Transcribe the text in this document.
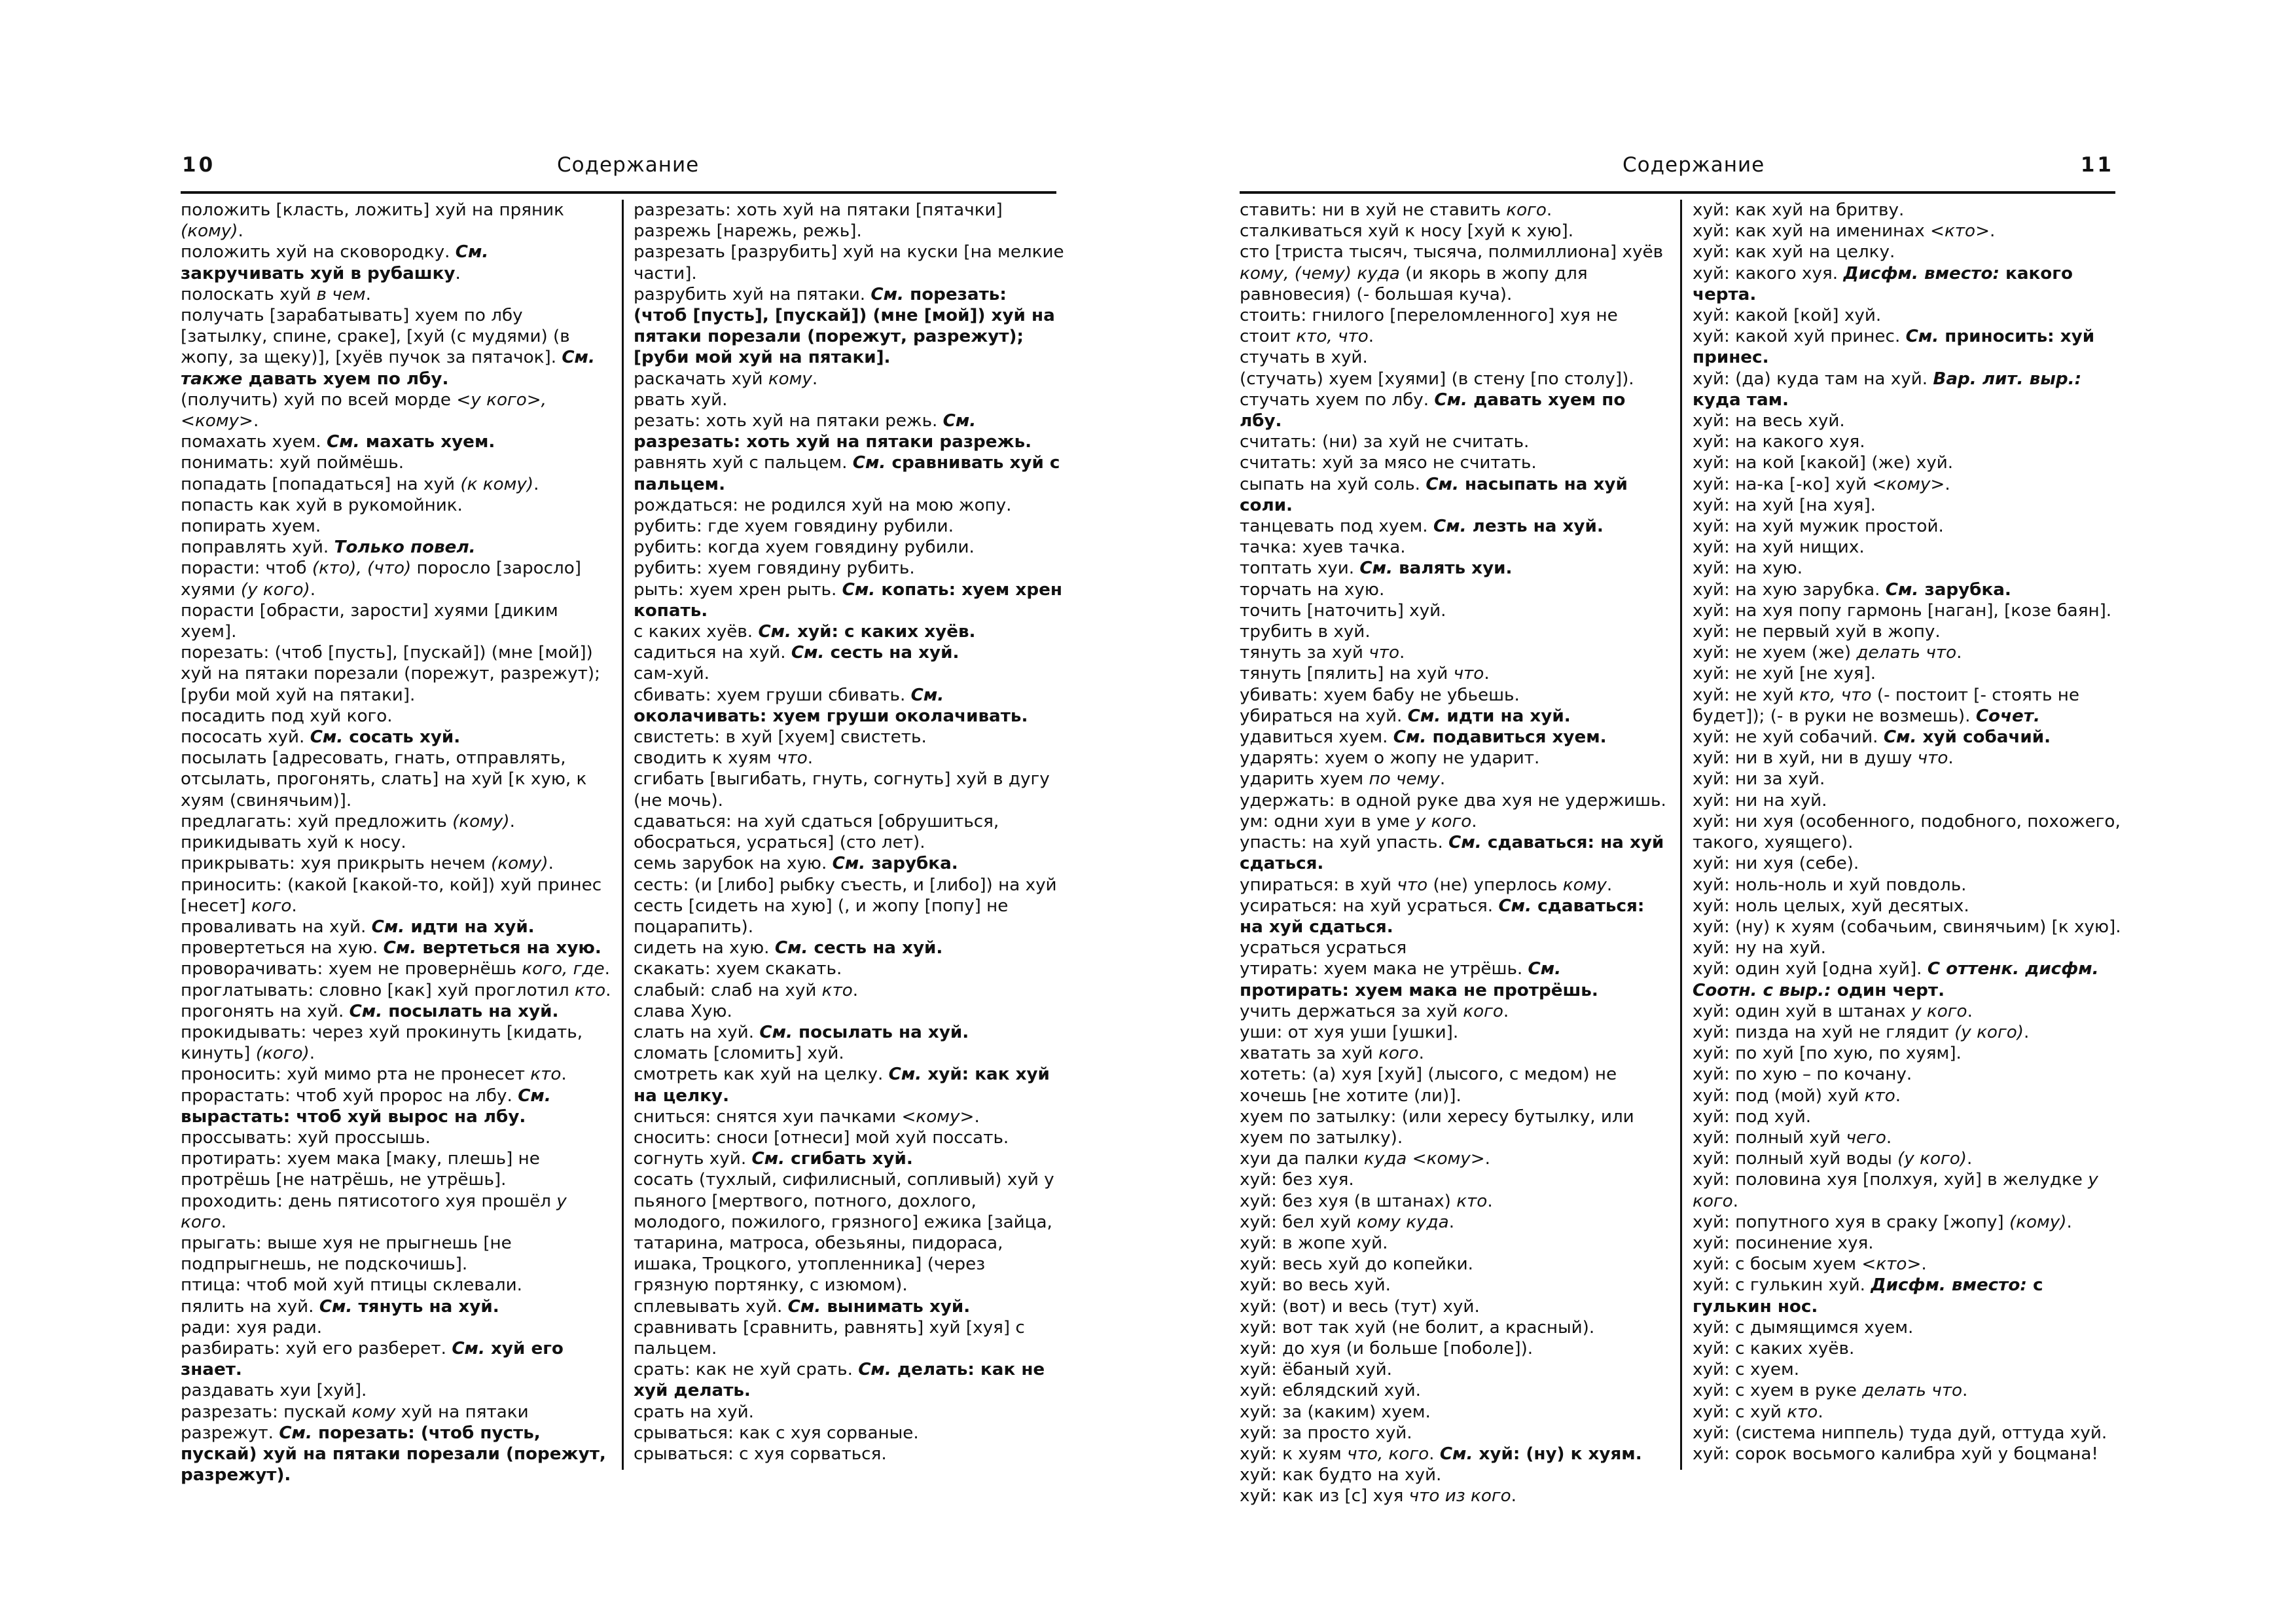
10	Содержание

положить [класть, ложить] хуй на пряник (кому).

положить хуй на сковородку. См. закручивать хуй в рубашку.

полоскать хуй в чем.

получать [зарабатывать] хуем по лбу [затылку, спине, сраке], [хуй (с мудями) (в жопу, за щеку)], [хуёв пучок за пятачок]. См. также давать хуем по лбу.

(получить) хуй по всей морде <у кого>, <кому>.

помахать хуем. См. махать хуем.

понимать: хуй поймёшь.

попадать [попадаться] на хуй (к кому).

попасть как хуй в рукомойник.

попирать хуем.

поправлять хуй. Только повел.

порасти: чтоб (кто), (что) поросло [заросло] хуями (у кого).

порасти [обрасти, зарости] хуями [диким хуем].

порезать: (чтоб [пусть], [пускай]) (мне [мой]) хуй на пятаки порезали (порежут, разрежут); [руби мой хуй на пятаки].

посадить под хуй кого.

пососать хуй. См. сосать хуй.

посылать [адресовать, гнать, отправлять, отсылать, прогонять, слать] на хуй [к хую, к хуям (свинячьим)].

предлагать: хуй предложить (кому).

прикидывать хуй к носу.

прикрывать: хуя прикрыть нечем (кому).

приносить: (какой [какой-то, кой]) хуй принес [несет] кого.

проваливать на хуй. См. идти на хуй.

провертеться на хую. См. вертеться на хую.

проворачивать: хуем не провернёшь кого, где.

проглатывать: словно [как] хуй проглотил кто.

прогонять на хуй. См. посылать на хуй.

прокидывать: через хуй прокинуть [кидать, кинуть] (кого).

проносить: хуй мимо рта не пронесет кто.

прорастать: чтоб хуй пророс на лбу. См. вырастать: чтоб хуй вырос на лбу.

проссывать: хуй проссышь.

протирать: хуем мака [маку, плешь] не протрёшь [не натрёшь, не утрёшь].

проходить: день пятисотого хуя прошёл у кого.

прыгать: выше хуя не прыгнешь [не подпрыгнешь, не подскочишь].

птица: чтоб мой хуй птицы склевали.

пялить на хуй. См. тянуть на хуй.

ради: хуя ради.

разбирать: хуй его разберет. См. хуй его знает.

раздавать хуи [хуй].

разрезать: пускай кому хуй на пятаки разрежут. См. порезать: (чтоб пусть, пускай) хуй на пятаки порезали (порежут, разрежут).

разрезать: хоть хуй на пятаки [пятачки] разрежь [нарежь, режь].

разрезать [разрубить] хуй на куски [на мелкие части].

разрубить хуй на пятаки. См. порезать: (чтоб [пусть], [пускай]) (мне [мой]) хуй на пятаки порезали (порежут, разрежут); [руби мой хуй на пятаки].

раскачать хуй кому.

рвать хуй.

резать: хоть хуй на пятаки режь. См. разрезать: хоть хуй на пятаки разрежь.

равнять хуй с пальцем. См. сравнивать хуй с пальцем.

рождаться: не родился хуй на мою жопу.

рубить: где хуем говядину рубили.

рубить: когда хуем говядину рубили.

рубить: хуем говядину рубить.

рыть: хуем хрен рыть. См. копать: хуем хрен копать.

с каких хуёв. См. хуй: с каких хуёв.

садиться на хуй. См. сесть на хуй.

сам-хуй.

сбивать: хуем груши сбивать. См. околачивать: хуем груши околачивать.

свистеть: в хуй [хуем] свистеть.

сводить к хуям что.

сгибать [выгибать, гнуть, согнуть] хуй в дугу (не мочь).

сдаваться: на хуй сдаться [обрушиться, обосраться, усраться] (сто лет).

семь зарубок на хую. См. зарубка.

сесть: (и [либо] рыбку съесть, и [либо]) на хуй сесть [сидеть на хую] (, и жопу [попу] не поцарапить).

сидеть на хую. См. сесть на хуй.

скакать: хуем скакать.

слабый: слаб на хуй кто.

слава Хую.

слать на хуй. См. посылать на хуй.

сломать [сломить] хуй.

смотреть как хуй на целку. См. хуй: как хуй на целку.

сниться: снятся хуи пачками <кому>.

сносить: сноси [отнеси] мой хуй поссать.

согнуть хуй. См. сгибать хуй.

сосать (тухлый, сифилисный, сопливый) хуй у пьяного [мертвого, потного, дохлого, молодого, пожилого, грязного] ежика [зайца, татарина, матроса, обезьяны, пидораса, ишака, Троцкого, утопленника] (через грязную портянку, с изюмом).

сплевывать хуй. См. вынимать хуй.

сравнивать [сравнить, равнять] хуй [хуя] с пальцем.

срать: как не хуй срать. См. делать: как не хуй делать.

срать на хуй.

срываться: как с хуя сорваные.

срываться: с хуя сорваться.

Содержание	11

ставить: ни в хуй не ставить кого.

сталкиваться хуй к носу [хуй к хую].

сто [триста тысяч, тысяча, полмиллиона] хуёв кому, (чему) куда (и якорь в жопу для равновесия) (- большая куча).

стоить: гнилого [переломленного] хуя не стоит кто, что.

стучать в хуй.

(стучать) хуем [хуями] (в стену [по столу]).

стучать хуем по лбу. См. давать хуем по лбу.

считать: (ни) за хуй не считать.

считать: хуй за мясо не считать.

сыпать на хуй соль. См. насыпать на хуй соли.

танцевать под хуем. См. лезть на хуй.

тачка: хуев тачка.

топтать хуи. См. валять хуи.

торчать на хую.

точить [наточить] хуй.

трубить в хуй.

тянуть за хуй что.

тянуть [пялить] на хуй что.

убивать: хуем бабу не убьешь.

убираться на хуй. См. идти на хуй.

удавиться хуем. См. подавиться хуем.

ударять: хуем о жопу не ударит.

ударить хуем по чему.

удержать: в одной руке два хуя не удержишь.

ум: одни хуи в уме у кого.

упасть: на хуй упасть. См. сдаваться: на хуй сдаться.

упираться: в хуй что (не) уперлось кому.

усираться: на хуй усраться. См. сдаваться: на хуй сдаться.

усраться усраться

утирать: хуем мака не утрёшь. См. протирать: хуем мака не протрёшь.

учить держаться за хуй кого.

уши: от хуя уши [ушки].

хватать за хуй кого.

хотеть: (а) хуя [хуй] (лысого, с медом) не хочешь [не хотите (ли)].

хуем по затылку: (или хересу бутылку, или хуем по затылку).

хуи да палки куда <кому>.

хуй: без хуя.

хуй: без хуя (в штанах) кто.

хуй: бел хуй кому куда.

хуй: в жопе хуй.

хуй: весь хуй до копейки.

хуй: во весь хуй.

хуй: (вот) и весь (тут) хуй.

хуй: вот так хуй (не болит, а красный).

хуй: до хуя (и больше [поболе]).

хуй: ёбаный хуй.

хуй: еблядский хуй.

хуй: за (каким) хуем.

хуй: за просто хуй.

хуй: к хуям что, кого. См. хуй: (ну) к хуям.

хуй: как будто на хуй.

хуй: как из [с] хуя что из кого.

хуй: как хуй на бритву.

хуй: как хуй на именинах <кто>.

хуй: как хуй на целку.

хуй: какого хуя. Дисфм. вместо: какого черта.

хуй: какой [кой] хуй.

хуй: какой хуй принес. См. приносить: хуй принес.

хуй: (да) куда там на хуй. Вар. лит. выр.: куда там.

хуй: на весь хуй.

хуй: на какого хуя.

хуй: на кой [какой] (же) хуй.

хуй: на-ка [-ко] хуй <кому>.

хуй: на хуй [на хуя].

хуй: на хуй мужик простой.

хуй: на хуй нищих.

хуй: на хую.

хуй: на хую зарубка. См. зарубка.

хуй: на хуя попу гармонь [наган], [козе баян].

хуй: не первый хуй в жопу.

хуй: не хуем (же) делать что.

хуй: не хуй [не хуя].

хуй: не хуй кто, что (- постоит [- стоять не будет]); (- в руки не возмешь). Сочет.

хуй: не хуй собачий. См. хуй собачий.

хуй: ни в хуй, ни в душу что.

хуй: ни за хуй.

хуй: ни на хуй.

хуй: ни хуя (особенного, подобного, похожего, такого, хуящего).

хуй: ни хуя (себе).

хуй: ноль-ноль и хуй повдоль.

хуй: ноль целых, хуй десятых.

хуй: (ну) к хуям (собачьим, свинячьим) [к хую].

хуй: ну на хуй.

хуй: один хуй [одна хуй]. С оттенк. дисфм. Соотн. с выр.: один черт.

хуй: один хуй в штанах у кого.

хуй: пизда на хуй не глядит (у кого).

хуй: по хуй [по хую, по хуям].

хуй: по хую – по кочану.

хуй: под (мой) хуй кто.

хуй: под хуй.

хуй: полный хуй чего.

хуй: полный хуй воды (у кого).

хуй: половина хуя [полхуя, хуй] в желудке у кого.

хуй: попутного хуя в сраку [жопу] (кому).

хуй: посинение хуя.

хуй: с босым хуем <кто>.

хуй: с гулькин хуй. Дисфм. вместо: с гулькин нос.

хуй: с дымящимся хуем.

хуй: с каких хуёв.

хуй: с хуем.

хуй: с хуем в руке делать что.

хуй: с хуй кто.

хуй: (система ниппель) туда дуй, оттуда хуй.

хуй: сорок восьмого калибра хуй у боцмана!
